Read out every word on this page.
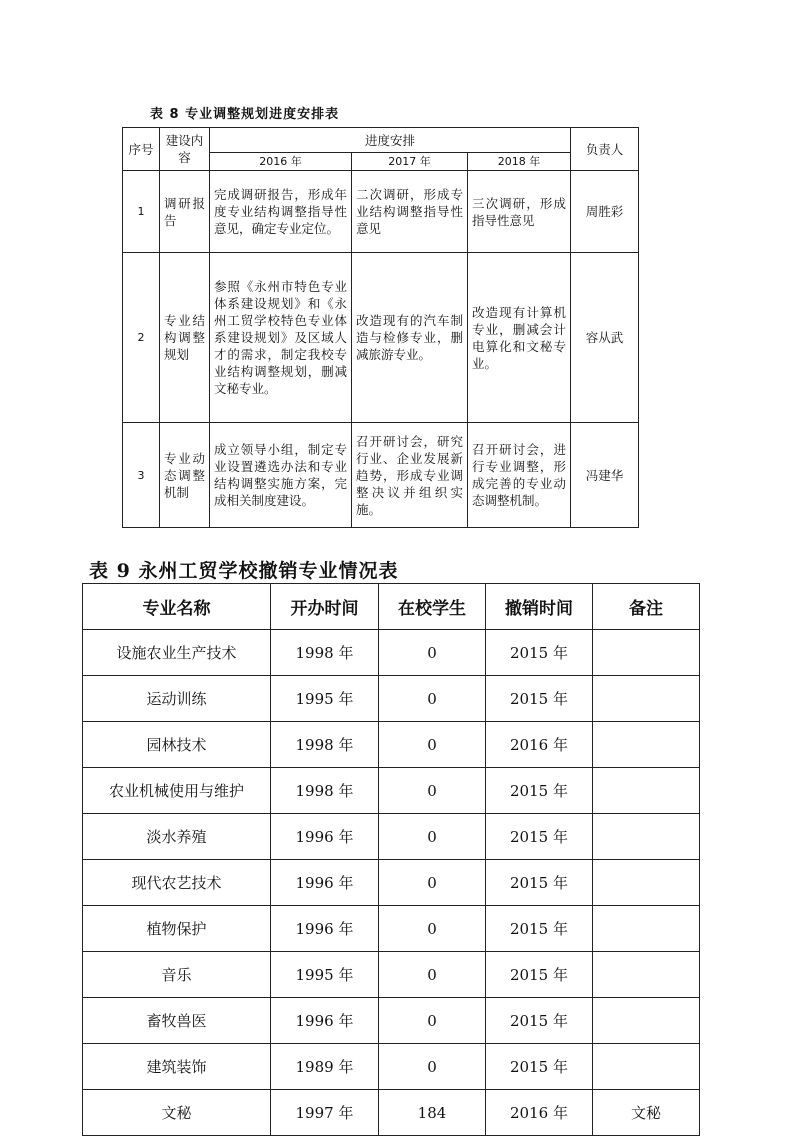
表 8 专业调整规划进度安排表
序号	建设内容	进度安排			负责人
		2016 年	2017 年	2018 年	
1	调研报告	完成调研报告，形成年度专业结构调整指导性意见，确定专业定位。	二次调研，形成专业结构调整指导性意见	三次调研，形成指导性意见	周胜彩
2	专业结构调整规划	参照《永州市特色专业体系建设规划》和《永州工贸学校特色专业体系建设规划》及区域人才的需求，制定我校专业结构调整规划，删减文秘专业。	改造现有的汽车制造与检修专业，删减旅游专业。	改造现有计算机专业，删减会计电算化和文秘专业。	容从武
3	专业动态调整机制	成立领导小组，制定专业设置遴选办法和专业结构调整实施方案，完成相关制度建设。	召开研讨会，研究行业、企业发展新趋势，形成专业调整决议并组织实施。	召开研讨会，进行专业调整，形成完善的专业动态调整机制。	冯建华
表 9 永州工贸学校撤销专业情况表
专业名称	开办时间	在校学生	撤销时间	备注
设施农业生产技术	1998 年	0	2015 年	
运动训练	1995 年	0	2015 年	
园林技术	1998 年	0	2016 年	
农业机械使用与维护	1998 年	0	2015 年	
淡水养殖	1996 年	0	2015 年	
现代农艺技术	1996 年	0	2015 年	
植物保护	1996 年	0	2015 年	
音乐	1995 年	0	2015 年	
畜牧兽医	1996 年	0	2015 年	
建筑装饰	1989 年	0	2015 年	
文秘	1997 年	184	2016 年	文秘
